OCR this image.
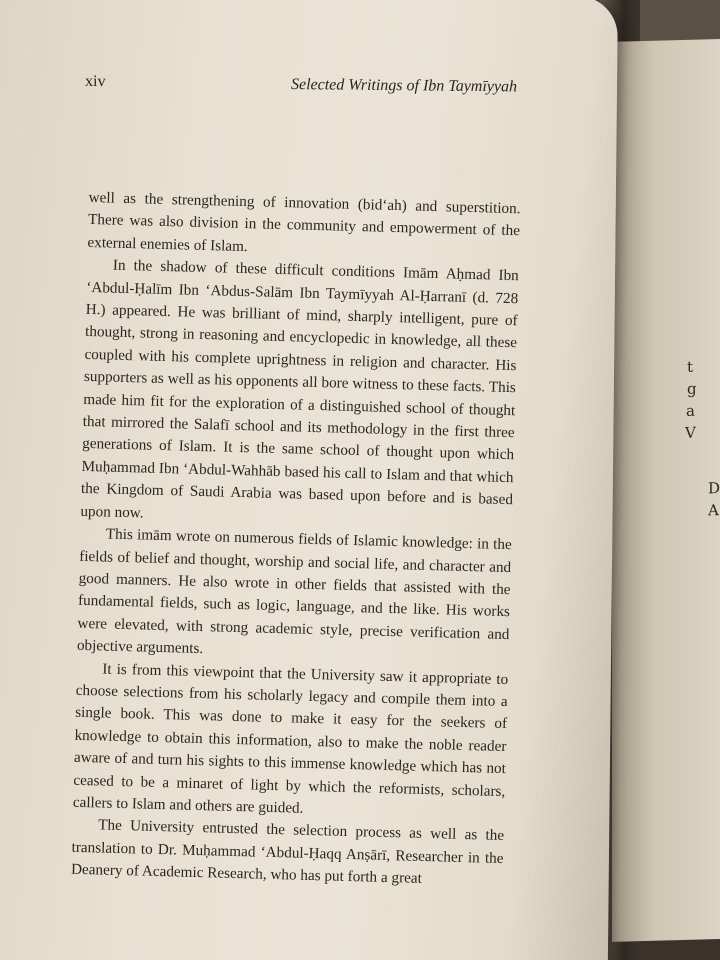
t
g
a
V
D
A
xiv	Selected Writings of Ibn Taymīyyah

well as the strengthening of innovation (bid‘ah) and superstition. There was also division in the community and empowerment of the external enemies of Islam.

In the shadow of these difficult conditions Imām Aḥmad Ibn ‘Abdul-Ḥalīm Ibn ‘Abdus-Salām Ibn Taymīyyah Al-Ḥarranī (d. 728 H.) appeared. He was brilliant of mind, sharply intelligent, pure of thought, strong in reasoning and encyclopedic in knowledge, all these coupled with his complete uprightness in religion and character. His supporters as well as his opponents all bore witness to these facts. This made him fit for the exploration of a distinguished school of thought that mirrored the Salafī school and its methodology in the first three generations of Islam. It is the same school of thought upon which Muḥammad Ibn ‘Abdul-Wahhāb based his call to Islam and that which the Kingdom of Saudi Arabia was based upon before and is based upon now.

This imām wrote on numerous fields of Islamic knowledge: in the fields of belief and thought, worship and social life, and character and good manners. He also wrote in other fields that assisted with the fundamental fields, such as logic, language, and the like. His works were elevated, with strong academic style, precise verification and objective arguments.

It is from this viewpoint that the University saw it appropriate to choose selections from his scholarly legacy and compile them into a single book. This was done to make it easy for the seekers of knowledge to obtain this information, also to make the noble reader aware of and turn his sights to this immense knowledge which has not ceased to be a minaret of light by which the reformists, scholars, callers to Islam and others are guided.

The University entrusted the selection process as well as the translation to Dr. Muḥammad ‘Abdul-Ḥaqq Anṣārī, Researcher in the Deanery of Academic Research, who has put forth a great
